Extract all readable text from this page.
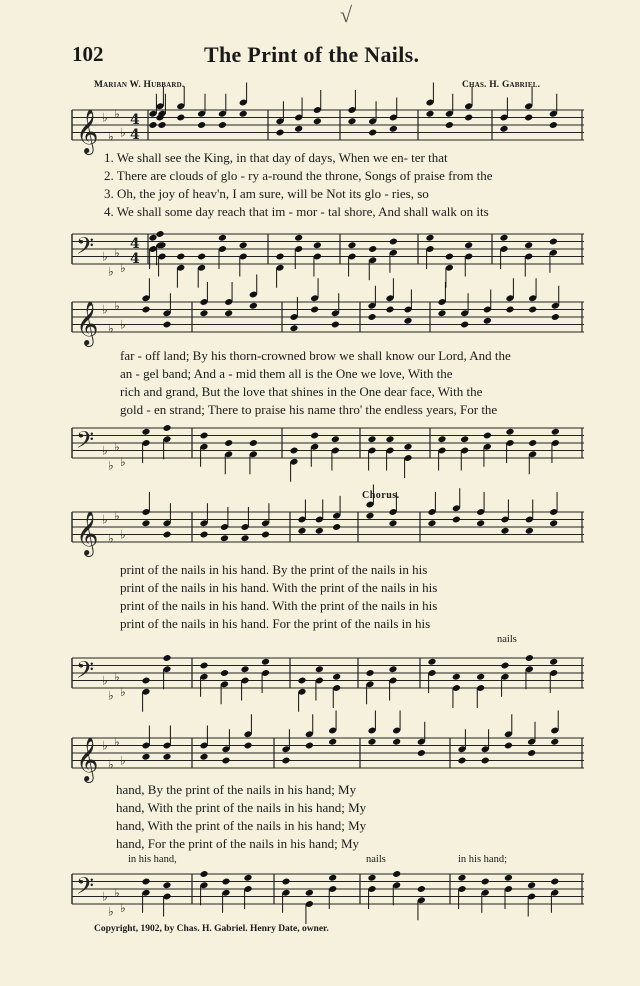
√
102	The Print of the Nails.
Marian W. Hubbard.	Chas. H. Gabriel.
𝄞 ♭
♭
♭
♭
4
4
1. We shall see the King, in that day of days, When we en- ter that
2. There are clouds of glo - ry a-round the throne, Songs of praise from the
3. Oh, the joy of heav'n, I am sure, will be Not its glo - ries, so
4. We shall some day reach that im - mor - tal shore, And shall walk on its
𝄢 ♭
♭
♭
♭
4
4
𝄞 ♭
♭
♭
♭
far - off land; By his thorn-crowned brow we shall know our Lord, And the
an - gel band; And a - mid them all is the One we love, With the
rich and grand, But the love that shines in the One dear face, With the
gold - en strand; There to praise his name thro' the endless years, For the
𝄢 ♭
♭
♭
♭
Chorus.
𝄞 ♭
♭
♭
♭
print of the nails in his hand. By the print of the nails in his
print of the nails in his hand. With the print of the nails in his
print of the nails in his hand. With the print of the nails in his
print of the nails in his hand. For the print of the nails in his
nails
𝄢 ♭
♭
♭
♭
𝄞 ♭
♭
♭
♭
hand, By the print of the nails in his hand; My
hand, With the print of the nails in his hand; My
hand, With the print of the nails in his hand; My
hand, For the print of the nails in his hand; My
in his hand,	nails	in his hand;
𝄢 ♭
♭
♭
♭
Copyright, 1902, by Chas. H. Gabriel. Henry Date, owner.
